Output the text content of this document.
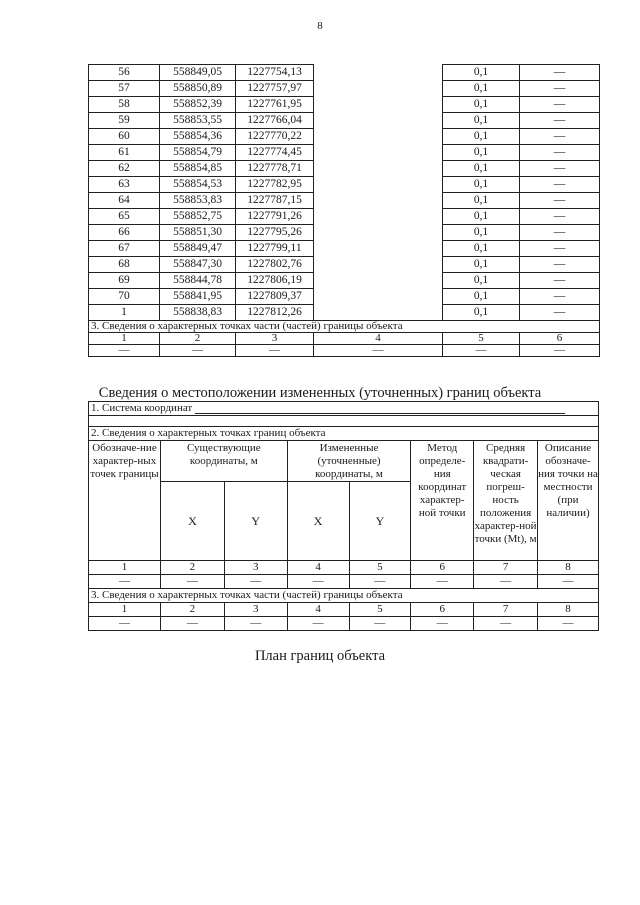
8
56	558849,05	1227754,13		0,1	—
57	558850,89	1227757,97		0,1	—
58	558852,39	1227761,95		0,1	—
59	558853,55	1227766,04		0,1	—
60	558854,36	1227770,22		0,1	—
61	558854,79	1227774,45		0,1	—
62	558854,85	1227778,71		0,1	—
63	558854,53	1227782,95		0,1	—
64	558853,83	1227787,15		0,1	—
65	558852,75	1227791,26		0,1	—
66	558851,30	1227795,26		0,1	—
67	558849,47	1227799,11		0,1	—
68	558847,30	1227802,76		0,1	—
69	558844,78	1227806,19		0,1	—
70	558841,95	1227809,37		0,1	—
1	558838,83	1227812,26		0,1	—
3. Сведения о характерных точках части (частей) границы объекта					
1	2	3	4	5	6
—	—	—	—	—	—
Сведения о местоположении измененных (уточненных) границ объекта
1. Система координат							

2. Сведения о характерных точках границ объекта							
Обозначе-ние характер-ных точек границы	Существующие координаты, м		Измененные (уточненные) координаты, м		Метод определе-ния координат характер-ной точки	Средняя квадрати-ческая погреш-ность положения характер-ной точки (Mt), м	Описание обозначе-ния точки на местности (при наличии)
	X	Y	X	Y			
1	2	3	4	5	6	7	8
—	—	—	—	—	—	—	—
3. Сведения о характерных точках части (частей) границы объекта							
1	2	3	4	5	6	7	8
—	—	—	—	—	—	—	—
План границ объекта
